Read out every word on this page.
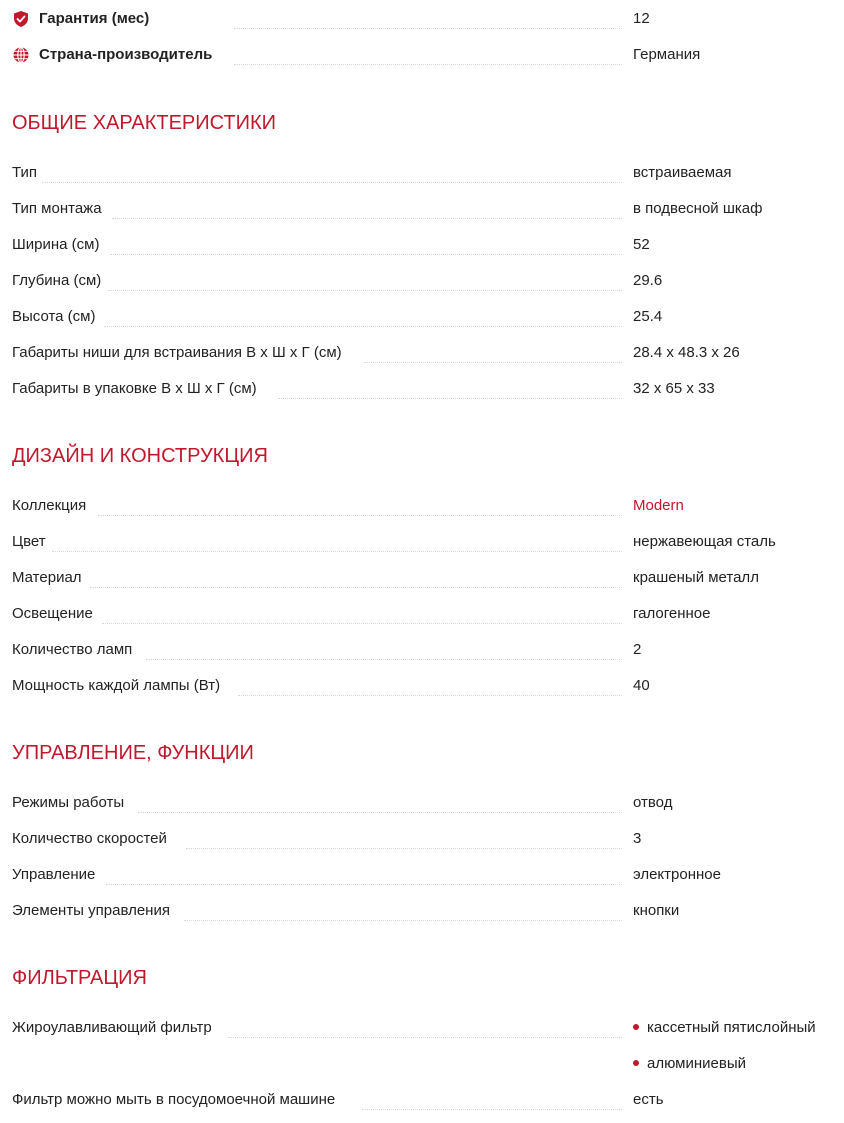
Гарантия (мес)	12
Страна-производитель	Германия
ОБЩИЕ ХАРАКТЕРИСТИКИ
Тип	встраиваемая
Тип монтажа	в подвесной шкаф
Ширина (см)	52
Глубина (см)	29.6
Высота (см)	25.4
Габариты ниши для встраивания В x Ш x Г (см)	28.4 x 48.3 x 26
Габариты в упаковке В x Ш x Г (см)	32 x 65 x 33
ДИЗАЙН И КОНСТРУКЦИЯ
Коллекция	Modern
Цвет	нержавеющая сталь
Материал	крашеный металл
Освещение	галогенное
Количество ламп	2
Мощность каждой лампы (Вт)	40
УПРАВЛЕНИЕ, ФУНКЦИИ
Режимы работы	отвод
Количество скоростей	3
Управление	электронное
Элементы управления	кнопки
ФИЛЬТРАЦИЯ
Жироулавливающий фильтр	кассетный пятислойный
алюминиевый
Фильтр можно мыть в посудомоечной машине	есть
